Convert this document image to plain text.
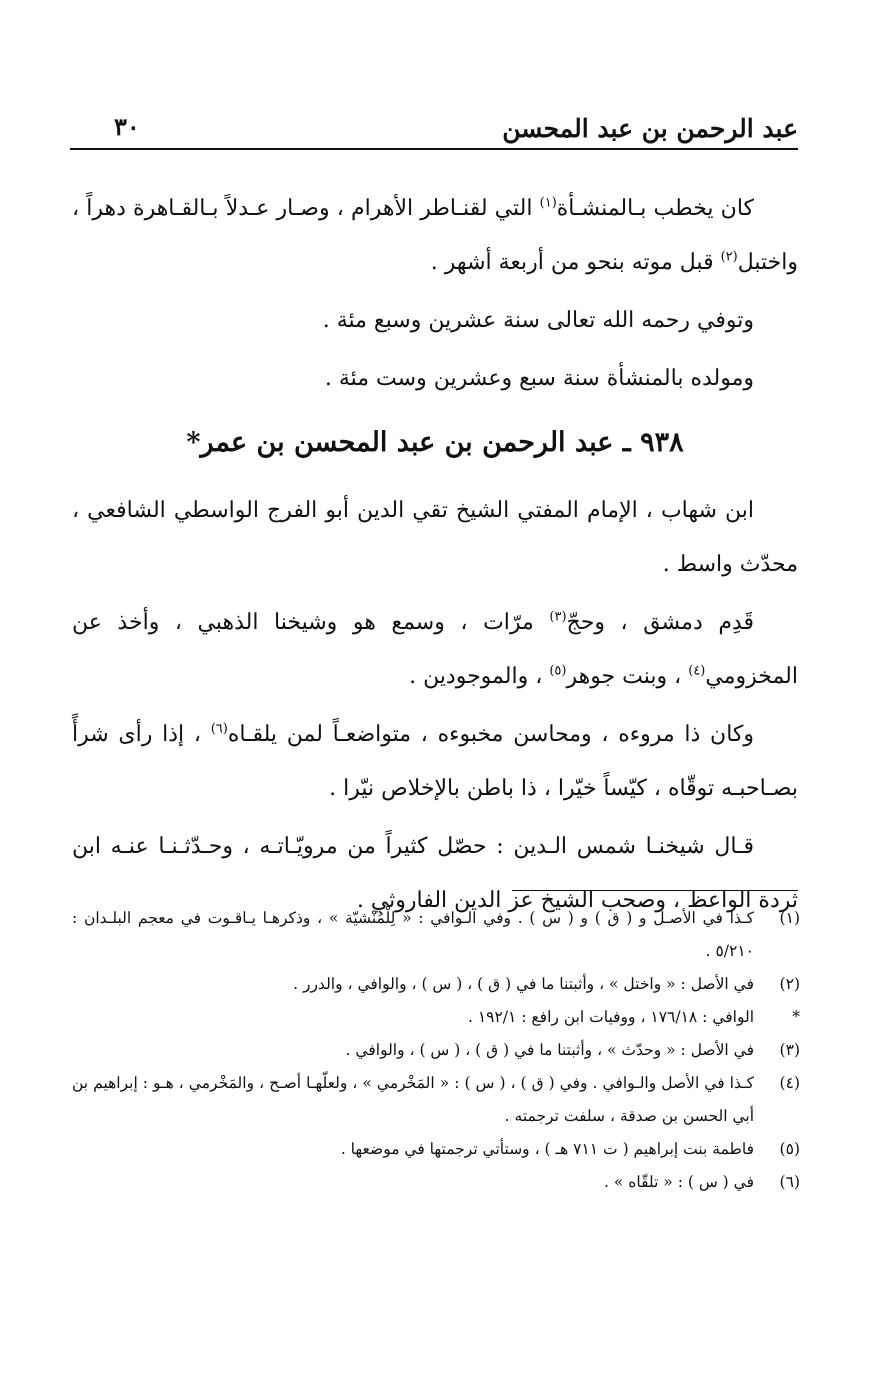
عبد الرحمن بن عبد المحسن
٣٠

كان يخطب بـالمنشـأة$^{(١)}$ التي لقنـاطر الأهرام ، وصـار عـدلاً بـالقـاهرة دهراً ، واختبل$^{(٢)}$ قبل موته بنحو من أربعة أشهر .

وتوفي رحمه الله تعالى سنة عشرين وسبع مئة .

ومولده بالمنشأة سنة سبع وعشرين وست مئة .

٩٣٨ ـ عبد الرحمن بن عبد المحسن بن عمر*

ابن شهاب ، الإمام المفتي الشيخ تقي الدين أبو الفرج الواسطي الشافعي ، محدّث واسط .

قَدِم دمشق ، وحجّ$^{(٣)}$ مرّات ، وسمع هو وشيخنا الذهبي ، وأخذ عن المخزومي$^{(٤)}$ ، وبنت جوهر$^{(٥)}$ ، والموجودين .

وكان ذا مروءه ، ومحاسن مخبوءه ، متواضعـاً لمن يلقـاه$^{(٦)}$ ، إذا رأى شرأً بصـاحبـه توقّاه ، كيّساً خيّرا ، ذا باطن بالإخلاص نيّرا .

قـال شيخنـا شمس الـدين : حصّل كثيراً من مرويّـاتـه ، وحـدّثـنـا عنـه ابن ثردة الواعظ ، وصحب الشيخ عز الدين الفاروثي .

(١)
كـذا في الأصـل و ( ق ) و ( س ) . وفي الـوافي : « لِلْمُنْشيّة » ، وذكرهـا يـاقـوت في معجم البلـدان : ٥/٢١٠ .
(٢)
في الأصل : « واختل » ، وأثبتنا ما في ( ق ) ، ( س ) ، والوافي ، والدرر .
*
الوافي : ١٧٦/١٨ ، ووفيات ابن رافع : ١٩٢/١ .
(٣)
في الأصل : « وحدّث » ، وأثبتنا ما في ( ق ) ، ( س ) ، والوافي .
(٤)
كـذا في الأصل والـوافي . وفي ( ق ) ، ( س ) : « المَخْرمي » ، ولعلّهـا أصـح ، والمَخْرمي ، هـو : إبراهيم بن أبي الحسن بن صدقة ، سلفت ترجمته .
(٥)
فاطمة بنت إبراهيم ( ت ٧١١ هـ ) ، وستأتي ترجمتها في موضعها .
(٦)
في ( س ) : « تلقّاه » .
